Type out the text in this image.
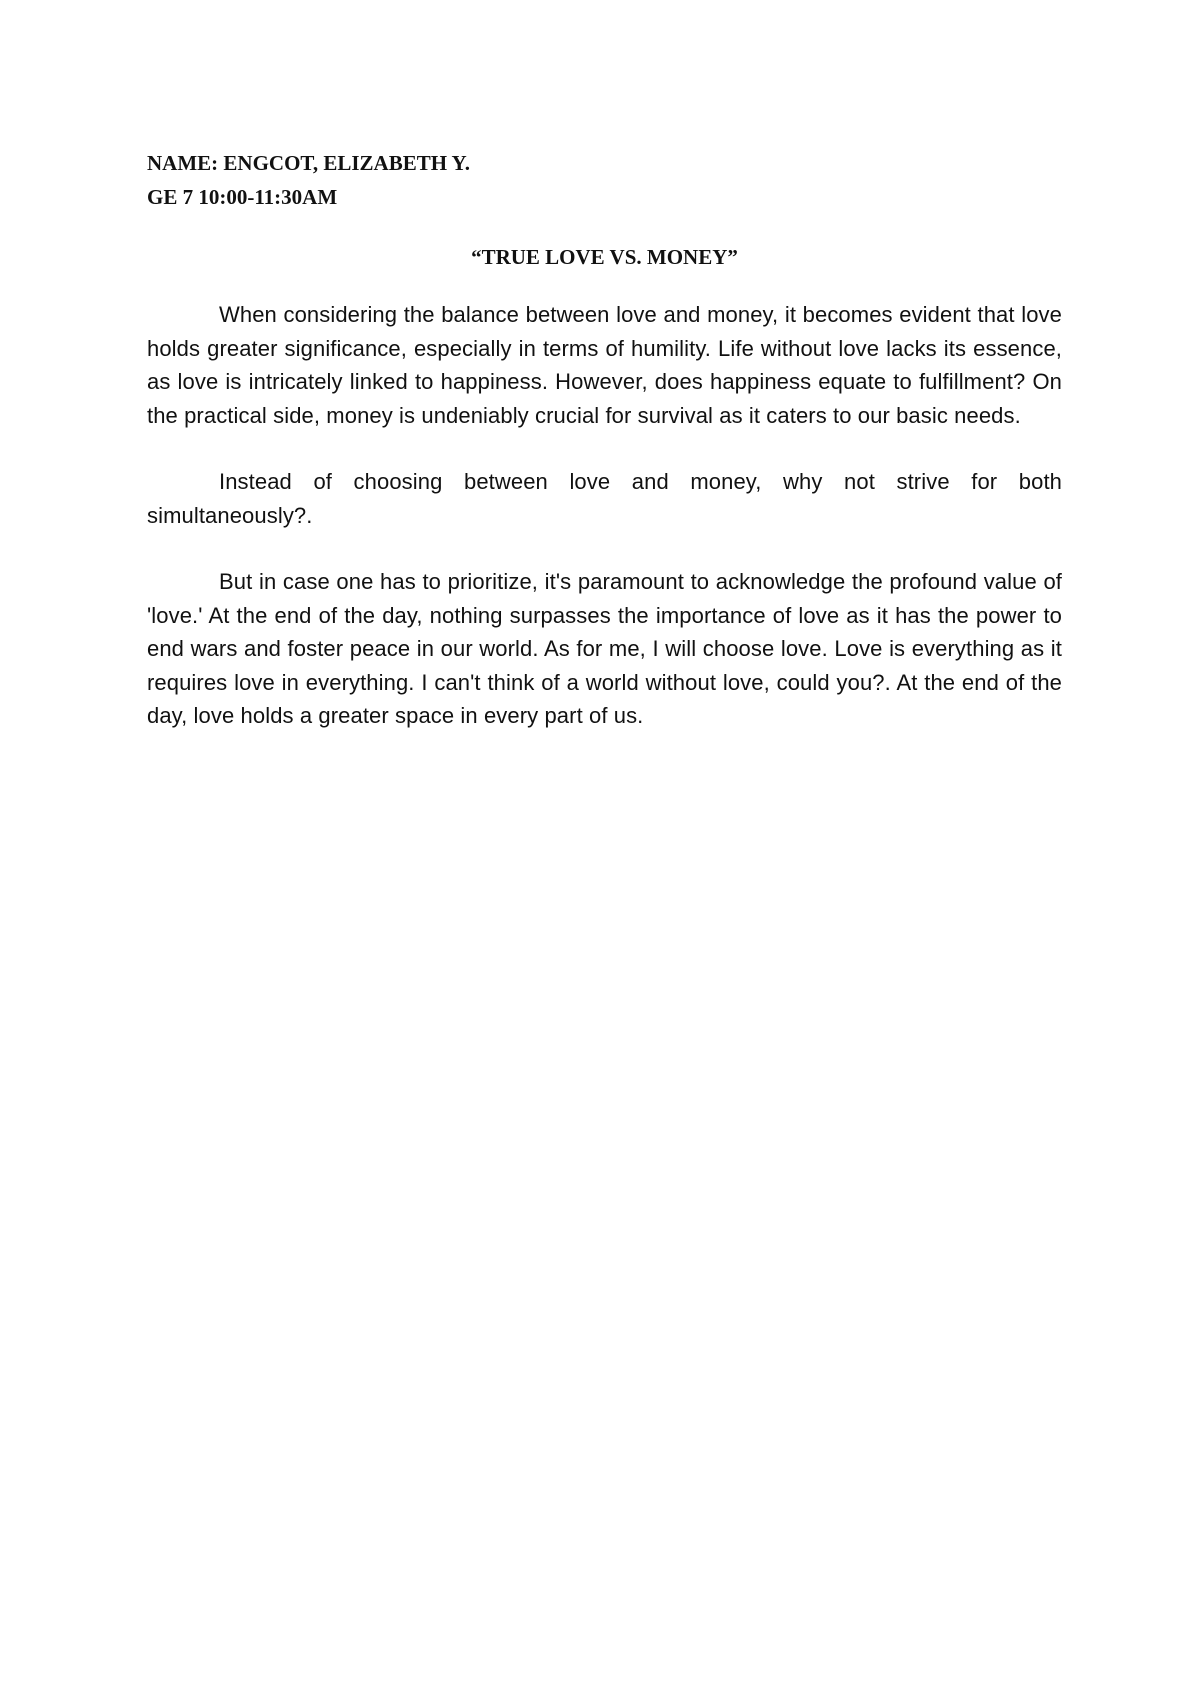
NAME: ENGCOT, ELIZABETH Y.

GE 7 10:00-11:30AM

“TRUE LOVE VS. MONEY”

When considering the balance between love and money, it becomes evident that love holds greater significance, especially in terms of humility. Life without love lacks its essence, as love is intricately linked to happiness. However, does happiness equate to fulfillment? On the practical side, money is undeniably crucial for survival as it caters to our basic needs.

Instead of choosing between love and money, why not strive for both simultaneously?.

But in case one has to prioritize, it's paramount to acknowledge the profound value of 'love.' At the end of the day, nothing surpasses the importance of love as it has the power to end wars and foster peace in our world. As for me, I will choose love. Love is everything as it requires love in everything. I can't think of a world without love, could you?. At the end of the day, love holds a greater space in every part of us.
